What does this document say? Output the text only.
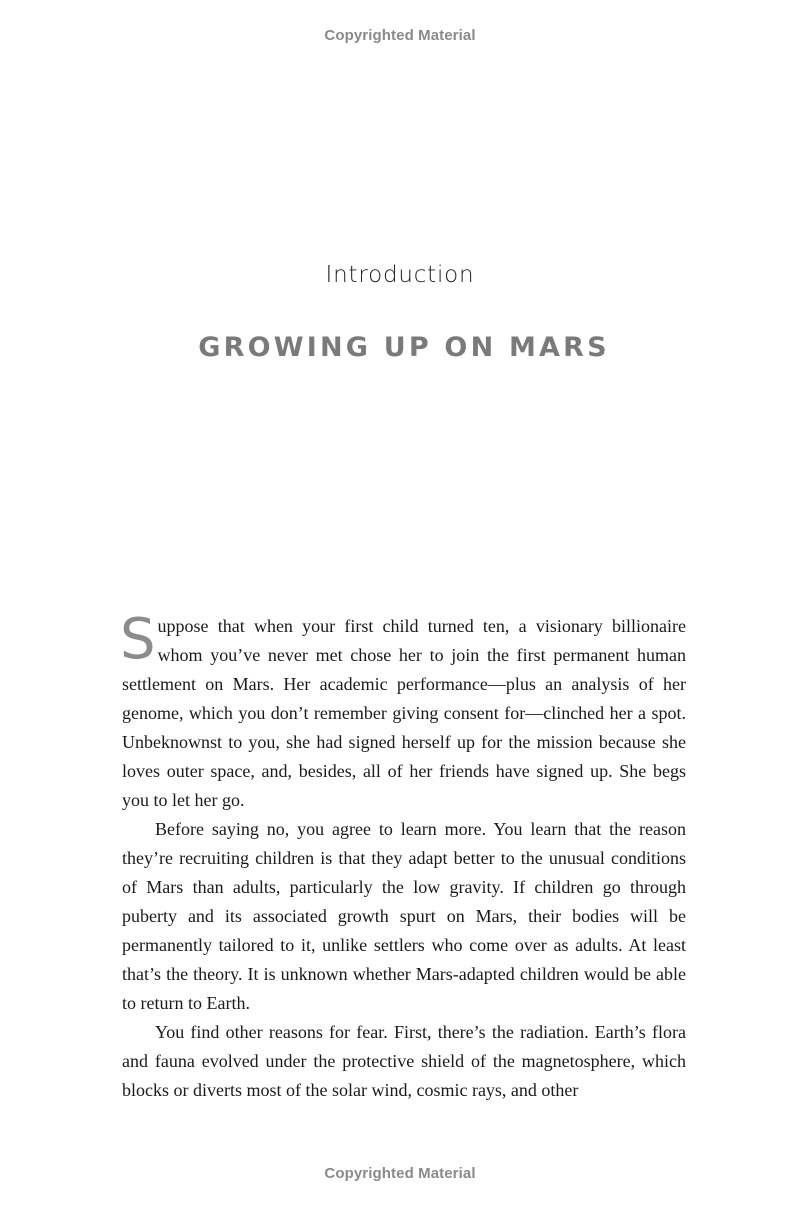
Copyrighted Material
Introduction
GROWING UP ON MARS

Suppose that when your first child turned ten, a visionary billionaire whom you’ve never met chose her to join the first permanent human settlement on Mars. Her academic performance—plus an analysis of her genome, which you don’t remember giving consent for—clinched her a spot. Unbeknownst to you, she had signed herself up for the mission because she loves outer space, and, besides, all of her friends have signed up. She begs you to let her go.

Before saying no, you agree to learn more. You learn that the reason they’re recruiting children is that they adapt better to the unusual conditions of Mars than adults, particularly the low gravity. If children go through puberty and its associated growth spurt on Mars, their bodies will be permanently tailored to it, unlike settlers who come over as adults. At least that’s the theory. It is unknown whether Mars-adapted children would be able to return to Earth.

You find other reasons for fear. First, there’s the radiation. Earth’s flora and fauna evolved under the protective shield of the magnetosphere, which blocks or diverts most of the solar wind, cosmic rays, and other

Copyrighted Material
